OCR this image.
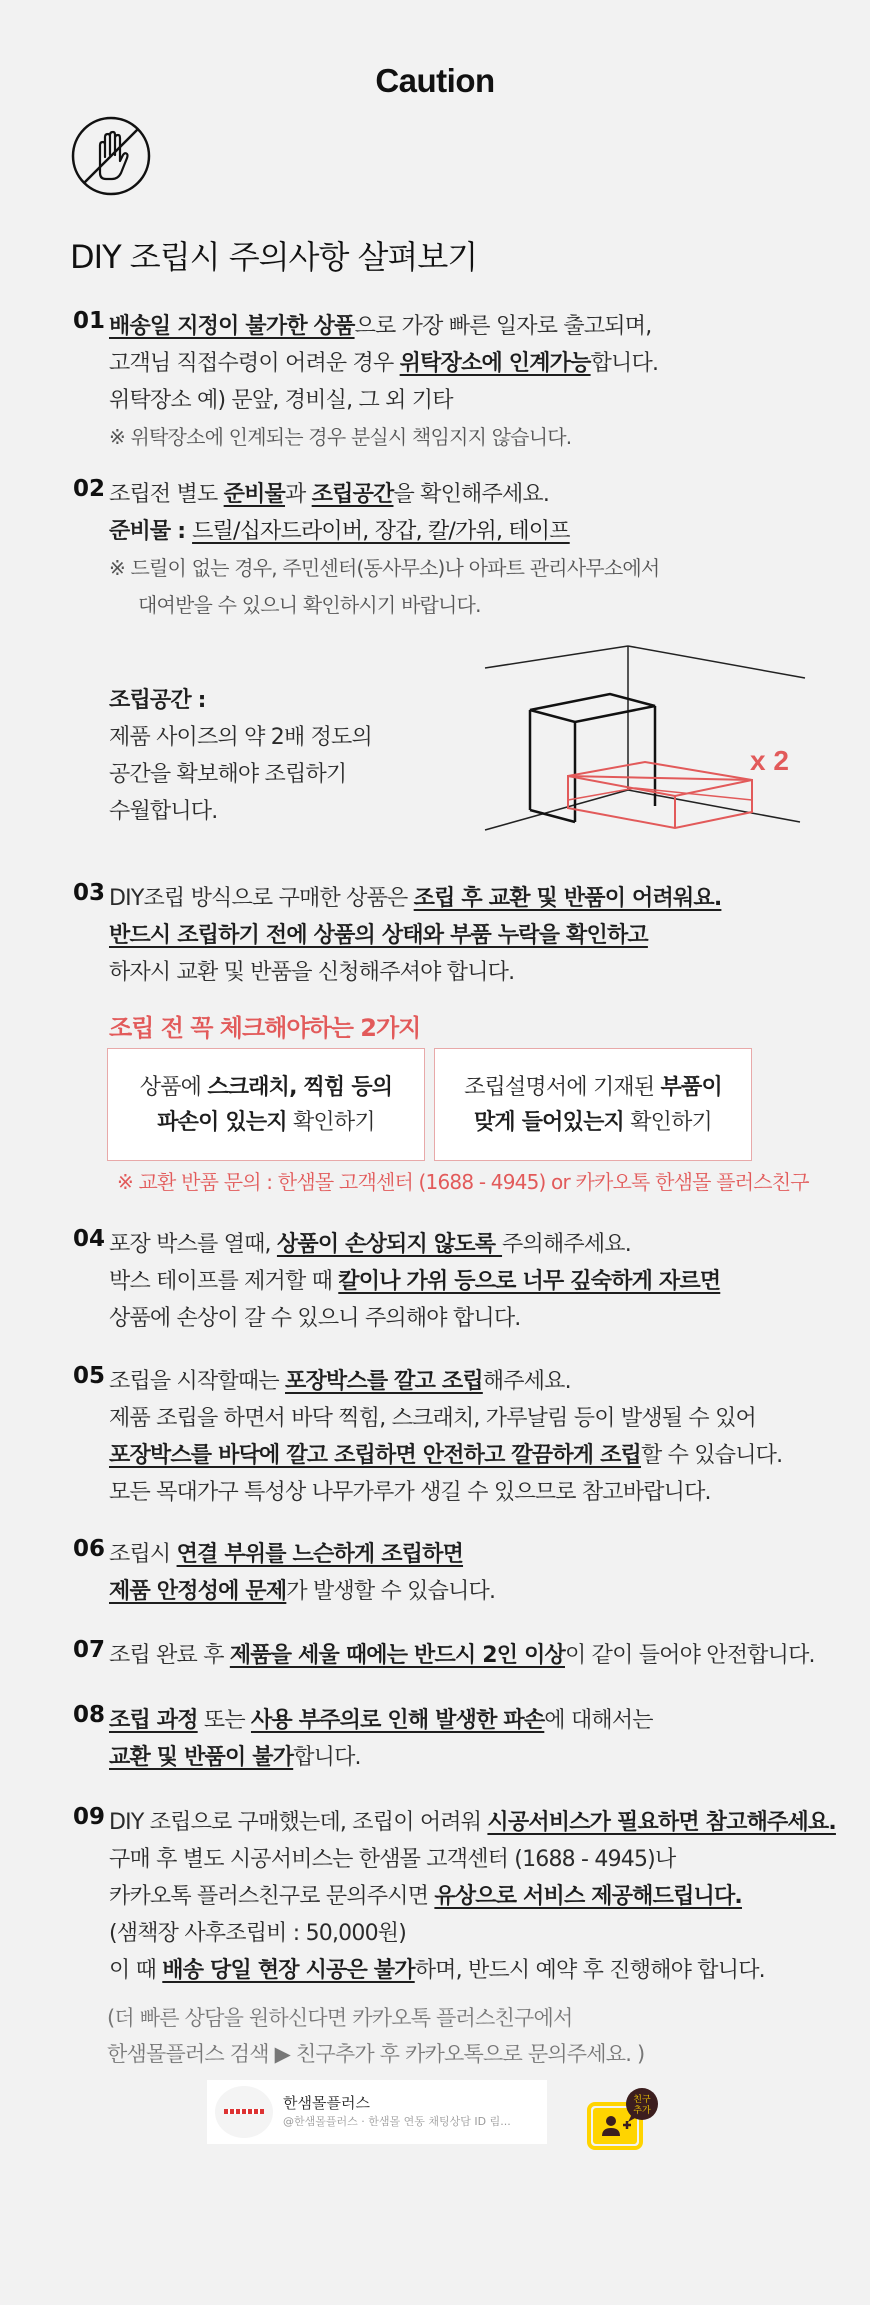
Caution
DIY 조립시 주의사항 살펴보기
01 배송일 지정이 불가한 상품으로 가장 빠른 일자로 출고되며,
고객님 직접수령이 어려운 경우 위탁장소에 인계가능합니다.
위탁장소 예) 문앞, 경비실, 그 외 기타
※ 위탁장소에 인계되는 경우 분실시 책임지지 않습니다.
02 조립전 별도 준비물과 조립공간을 확인해주세요.
준비물 : 드릴/십자드라이버, 장갑, 칼/가위, 테이프
※ 드릴이 없는 경우, 주민센터(동사무소)나 아파트 관리사무소에서
대여받을 수 있으니 확인하시기 바랍니다.
조립공간 :
제품 사이즈의 약 2배 정도의
공간을 확보해야 조립하기
수월합니다.
x 2
03 DIY조립 방식으로 구매한 상품은 조립 후 교환 및 반품이 어려워요.
반드시 조립하기 전에 상품의 상태와 부품 누락을 확인하고
하자시 교환 및 반품을 신청해주셔야 합니다.
조립 전 꼭 체크해야하는 2가지
상품에 스크래치, 찍힘 등의
파손이 있는지 확인하기
조립설명서에 기재된 부품이
맞게 들어있는지 확인하기
※ 교환 반품 문의 : 한샘몰 고객센터 (1688 - 4945) or 카카오톡 한샘몰 플러스친구
04 포장 박스를 열때, 상품이 손상되지 않도록 주의해주세요.
박스 테이프를 제거할 때 칼이나 가위 등으로 너무 깊숙하게 자르면
상품에 손상이 갈 수 있으니 주의해야 합니다.
05 조립을 시작할때는 포장박스를 깔고 조립해주세요.
제품 조립을 하면서 바닥 찍힘, 스크래치, 가루날림 등이 발생될 수 있어
포장박스를 바닥에 깔고 조립하면 안전하고 깔끔하게 조립할 수 있습니다.
모든 목대가구 특성상 나무가루가 생길 수 있으므로 참고바랍니다.
06 조립시 연결 부위를 느슨하게 조립하면
제품 안정성에 문제가 발생할 수 있습니다.
07 조립 완료 후 제품을 세울 때에는 반드시 2인 이상이 같이 들어야 안전합니다.
08 조립 과정 또는 사용 부주의로 인해 발생한 파손에 대해서는
교환 및 반품이 불가합니다.
09 DIY 조립으로 구매했는데, 조립이 어려워 시공서비스가 필요하면 참고해주세요.
구매 후 별도 시공서비스는 한샘몰 고객센터 (1688 - 4945)나
카카오톡 플러스친구로 문의주시면 유상으로 서비스 제공해드립니다.
(샘책장 사후조립비 : 50,000원)
이 때 배송 당일 현장 시공은 불가하며, 반드시 예약 후 진행해야 합니다.
(더 빠른 상담을 원하신다면 카카오톡 플러스친구에서
한샘몰플러스 검색 ▶ 친구추가 후 카카오톡으로 문의주세요. )
한샘몰플러스
@한샘몰플러스 · 한샘몰 연동 채팅상담 ID 림...
친구
추가
